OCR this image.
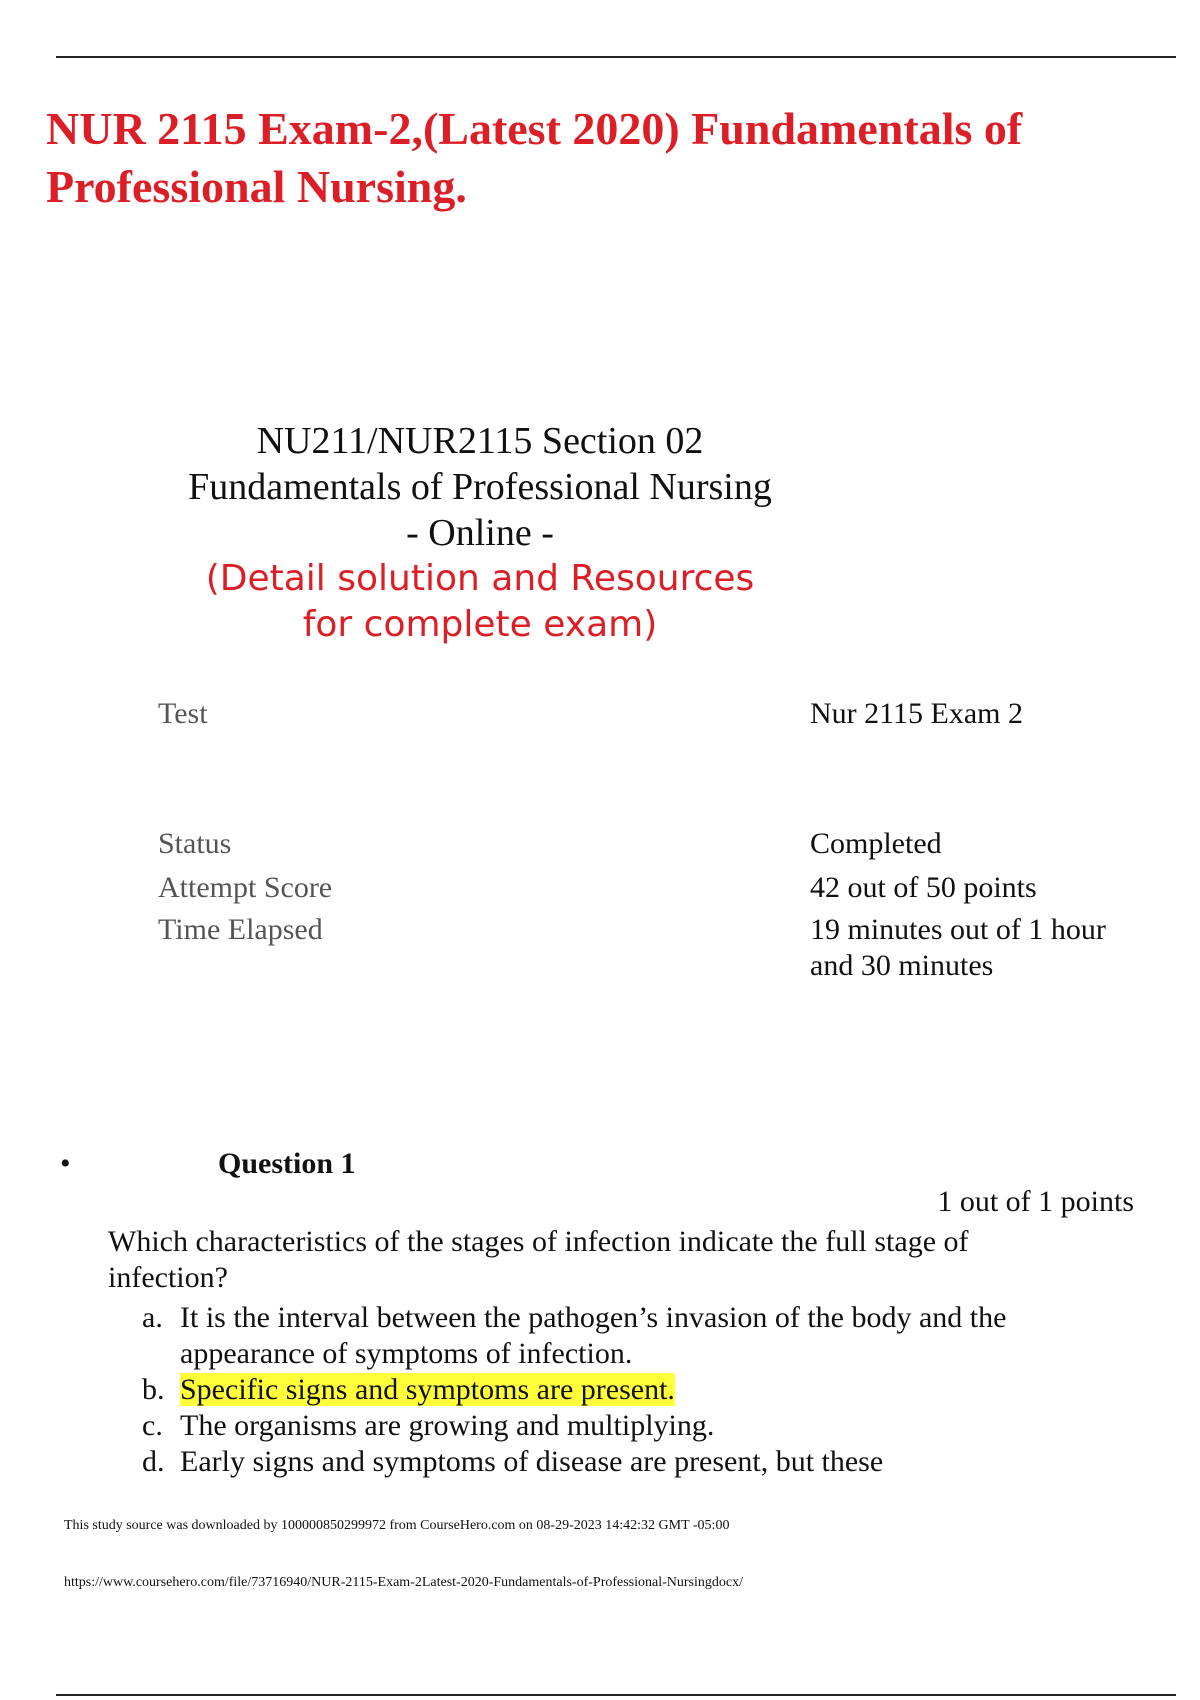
NUR 2115 Exam-2,(Latest 2020) Fundamentals of Professional Nursing.
NU211/NUR2115 Section 02
Fundamentals of Professional Nursing
- Online -
(Detail solution and Resources
for complete exam)
Test	Nur 2115 Exam 2
Status	Completed
Attempt Score	42 out of 50 points
Time Elapsed	19 minutes out of 1 hour and 30 minutes
•	Question 1
1 out of 1 points
Which characteristics of the stages of infection indicate the full stage of infection?
a. It is the interval between the pathogen’s invasion of the body and the appearance of symptoms of infection.
b. Specific signs and symptoms are present.
c. The organisms are growing and multiplying.
d. Early signs and symptoms of disease are present, but these
This study source was downloaded by 100000850299972 from CourseHero.com on 08-29-2023 14:42:32 GMT -05:00
https://www.coursehero.com/file/73716940/NUR-2115-Exam-2Latest-2020-Fundamentals-of-Professional-Nursingdocx/
